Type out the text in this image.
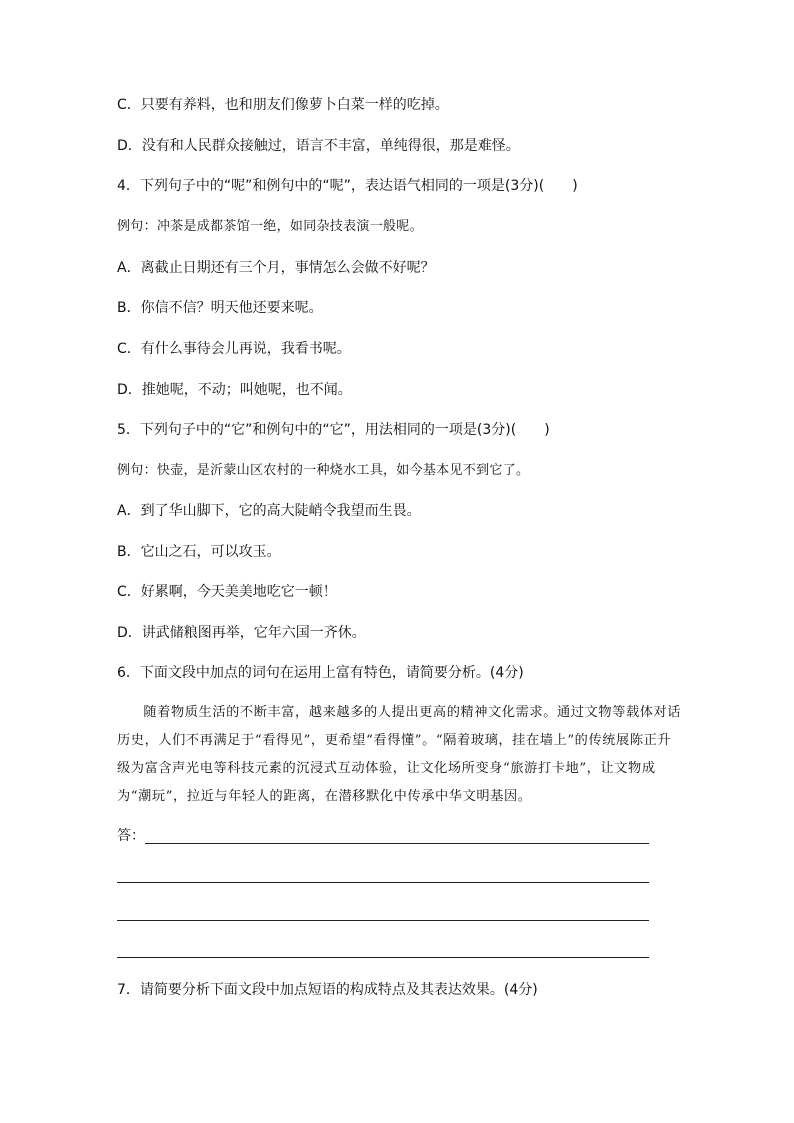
C．只要有养料，也和朋友们像萝卜白菜一样的吃掉。
D．没有和人民群众接触过，语言不丰富，单纯得很，那是难怪。
4．下列句子中的“呢”和例句中的“呢”，表达语气相同的一项是(3分)(　　)
例句：冲茶是成都茶馆一绝，如同杂技表演一般呢。
A．离截止日期还有三个月，事情怎么会做不好呢？
B．你信不信？明天他还要来呢。
C．有什么事待会儿再说，我看书呢。
D．推她呢，不动；叫她呢，也不闻。
5．下列句子中的“它”和例句中的“它”，用法相同的一项是(3分)(　　)
例句：快壶，是沂蒙山区农村的一种烧水工具，如今基本见不到它了。
A．到了华山脚下，它的高大陡峭令我望而生畏。
B．它山之石，可以攻玉。
C．好累啊，今天美美地吃它一顿！
D．讲武储粮图再举，它年六国一齐休。
6．下面文段中加点的词句在运用上富有特色，请简要分析。(4分)

随着物质生活的不断丰富，越来越多的人提出更高的精神文化需求。通过文物等载体对话历史，人们不再满足于“看得见”，更希望“看得懂”。“隔着玻璃，挂在墙上”的传统展陈正升级为富含声光电等科技元素的沉浸式互动体验，让文化场所变身“旅游打卡地”，让文物成为“潮玩”，拉近与年轻人的距离，在潜移默化中传承中华文明基因。

答：
7．请简要分析下面文段中加点短语的构成特点及其表达效果。(4分)
